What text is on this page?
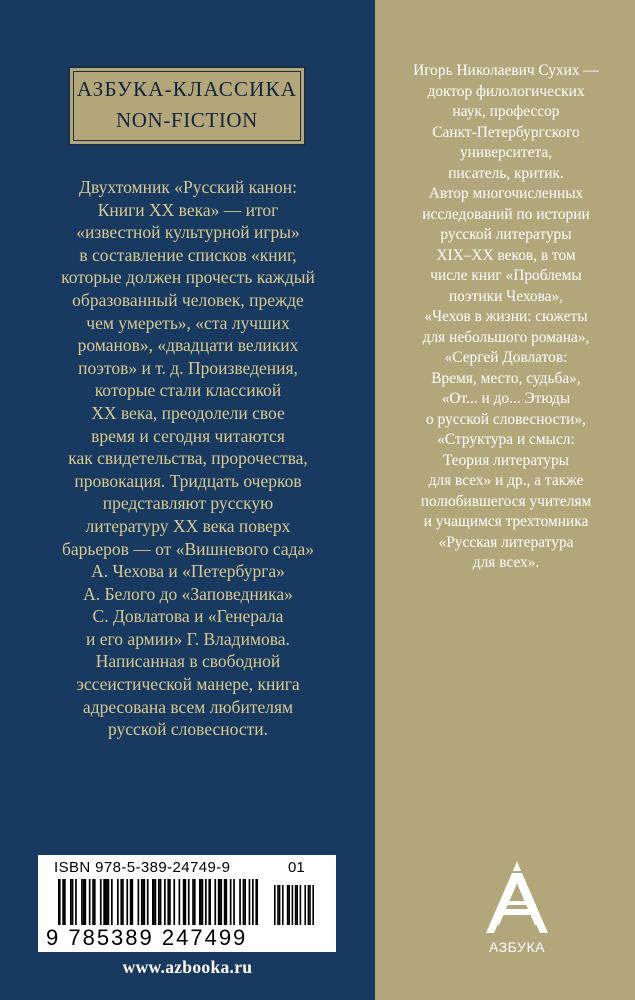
АЗБУКА-КЛАССИКА
NON-FICTION
Двухтомник «Русский канон:
Книги XX века» — итог
«известной культурной игры»
в составление списков «книг,
которые должен прочесть каждый
образованный человек, прежде
чем умереть», «ста лучших
романов», «двадцати великих
поэтов» и т. д. Произведения,
которые стали классикой
XX века, преодолели свое
время и сегодня читаются
как свидетельства, пророчества,
провокация. Тридцать очерков
представляют русскую
литературу XX века поверх
барьеров — от «Вишневого сада»
А. Чехова и «Петербурга»
А. Белого до «Заповедника»
С. Довлатова и «Генерала
и его армии» Г. Владимова.
Написанная в свободной
эссеистической манере, книга
адресована всем любителям
русской словесности.
Игорь Николаевич Сухих —
доктор филологических
наук, профессор
Санкт-Петербургского
университета,
писатель, критик.
Автор многочисленных
исследований по истории
русской литературы
XIX–XX веков, в том
числе книг «Проблемы
поэтики Чехова»,
«Чехов в жизни: сюжеты
для небольшого романа»,
«Сергей Довлатов:
Время, место, судьба»,
«От... и до... Этюды
о русской словесности»,
«Структура и смысл:
Теория литературы
для всех» и др., а также
полюбившегося учителям
и учащимся трехтомника
«Русская литература
для всех».
ISBN 978-5-389-24749-9	01
9 785389 247499
www.azbooka.ru
АЗБУКА
